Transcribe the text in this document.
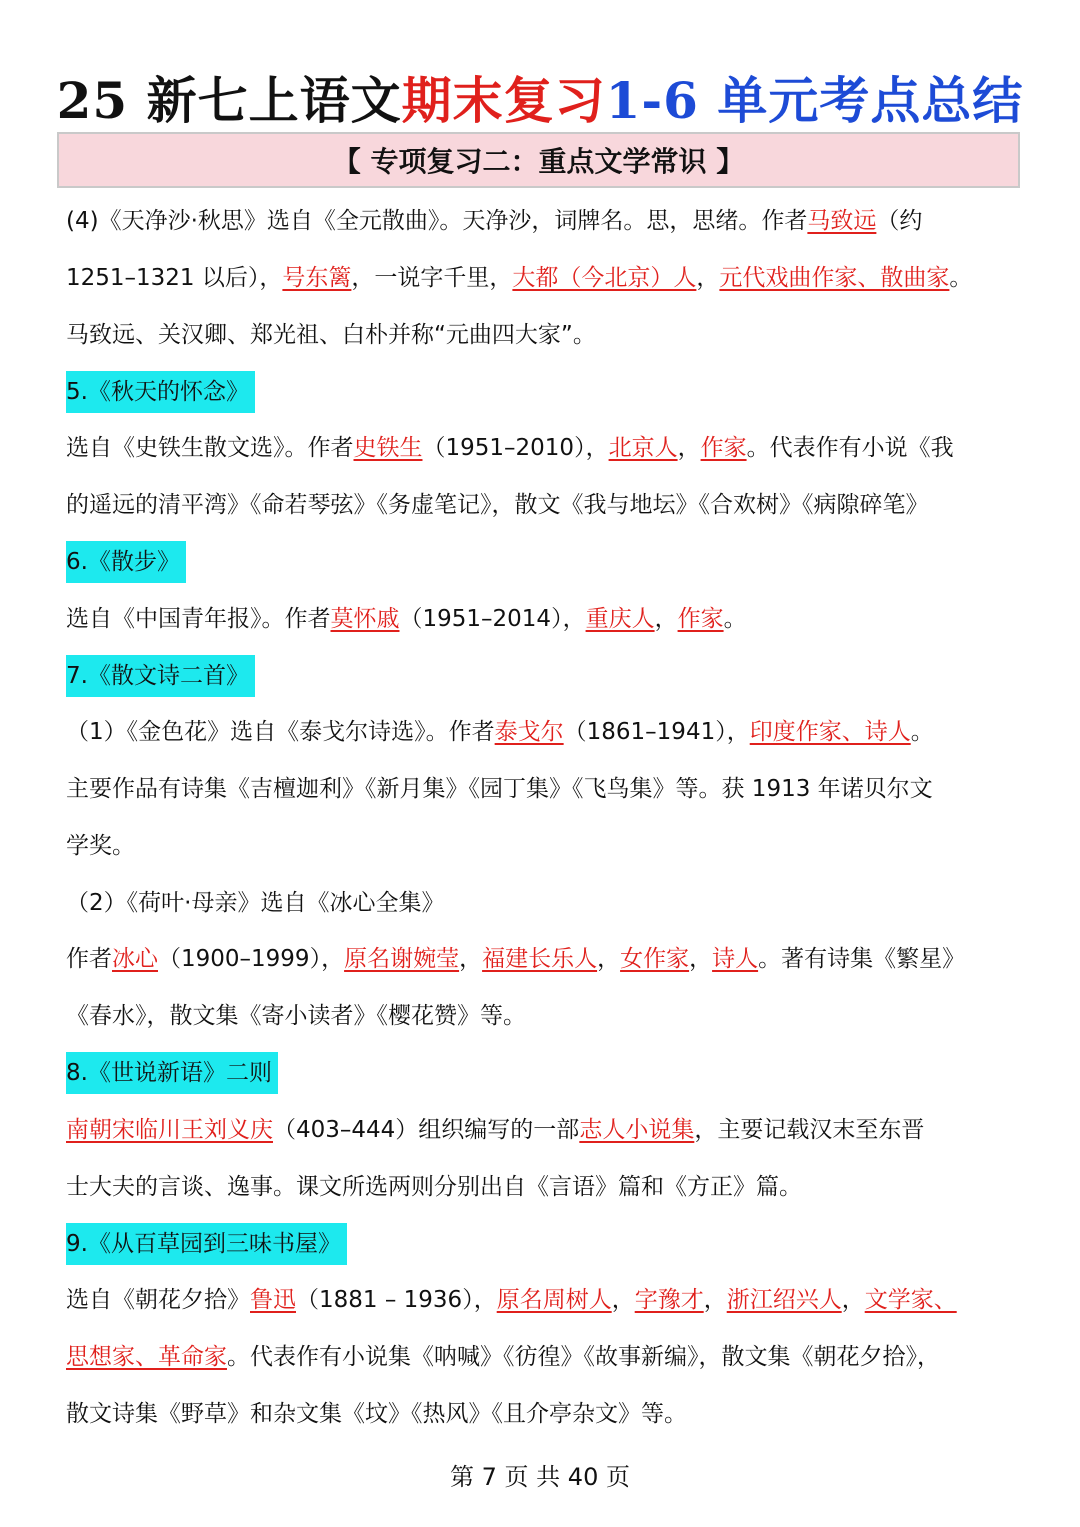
25 新七上语文期末复习1-6 单元考点总结
【 专项复习二：重点文学常识 】
(4)《天净沙·秋思》选自《全元散曲》。天净沙，词牌名。思，思绪。作者马致远（约
1251–1321 以后），号东篱，一说字千里，大都（今北京）人，元代戏曲作家、散曲家。
马致远、关汉卿、郑光祖、白朴并称“元曲四大家”。
5.《秋天的怀念》
选自《史铁生散文选》。作者史铁生（1951–2010），北京人，作家。代表作有小说《我
的遥远的清平湾》《命若琴弦》《务虚笔记》，散文《我与地坛》《合欢树》《病隙碎笔》
6.《散步》
选自《中国青年报》。作者莫怀戚（1951–2014），重庆人，作家。
7.《散文诗二首》
（1）《金色花》选自《泰戈尔诗选》。作者泰戈尔（1861–1941），印度作家、诗人。
主要作品有诗集《吉檀迦利》《新月集》《园丁集》《飞鸟集》等。获 1913 年诺贝尔文
学奖。
（2）《荷叶·母亲》选自《冰心全集》
作者冰心（1900–1999），原名谢婉莹，福建长乐人，女作家，诗人。著有诗集《繁星》
《春水》，散文集《寄小读者》《樱花赞》等。
8.《世说新语》二则
南朝宋临川王刘义庆（403–444）组织编写的一部志人小说集，主要记载汉末至东晋
士大夫的言谈、逸事。课文所选两则分别出自《言语》篇和《方正》篇。
9.《从百草园到三味书屋》
选自《朝花夕拾》鲁迅（1881 – 1936），原名周树人，字豫才，浙江绍兴人，文学家、
思想家、革命家。代表作有小说集《呐喊》《彷徨》《故事新编》，散文集《朝花夕拾》，
散文诗集《野草》和杂文集《坟》《热风》《且介亭杂文》等。
第 7 页 共 40 页
